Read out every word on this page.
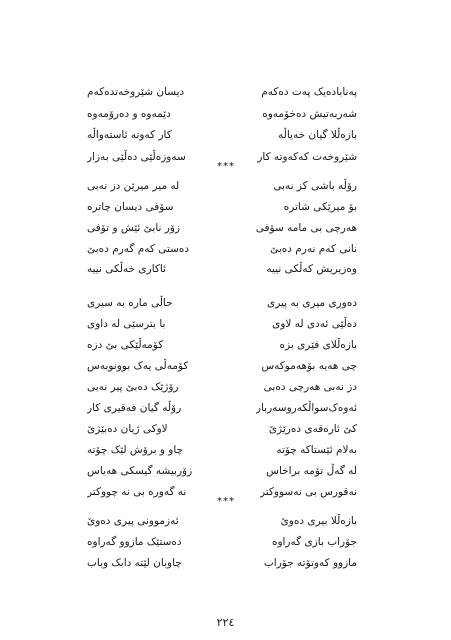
په‌ناباده‌یک په‌ت ده‌که‌م
دیسان شێروخه‌تده‌که‌م
شه‌ربه‌تیش ده‌خۆمه‌وه
دێمه‌وه‌ و ده‌رۆمه‌وه
بازه‌ڵلا گیان خه‌یاڵه
کار که‌وته ئاسته‌واڵه
شێروخه‌ت که‌که‌وته کار
سه‌وزه‌ڵێی ده‌ڵێی به‌زار
***
رۆڵه باشی کز نه‌بی
له میر میرێن دز نه‌بی
بۆ میرێکی شاتره
سۆفی دیسان چاتره
هه‌رچی بی مامه سۆفی
زۆر نابێ ئێش و تۆفی
نانی که‌م نه‌رم ده‌بێ
ده‌ستی که‌م گه‌رم ده‌بێ
وه‌زیریش که‌ڵکی نییه
ئاکاری خه‌ڵکی نییه
ده‌وری میری به پیری
حاڵی ماره به سیری
ده‌ڵێی ئه‌دی له لاوی
با بترسێی له داوی
بازه‌ڵلای فێری بزه
کۆمه‌ڵێکی بێ دزه
چی هه‌یه بۆهه‌موکه‌س
کۆمه‌ڵی یه‌ک بوونوبه‌س
دز نه‌بی هه‌رچی ده‌بی
رۆژێک ده‌بێ پیر نه‌بی
ئه‌وه‌ک‌سواڵکه‌روسه‌ربار
رۆڵه گیان فه‌قیری کار
کێ ئاره‌قه‌ی ده‌رێژێ
لاوکی ژیان ده‌بێژێ
به‌لام ئێستاکه چۆته
چاو و برۆش لێک چۆته
له گه‌ڵ تۆمه براخاس
زۆربیشه گیسکی هه‌یاس
نه‌قورس بی نه‌سووکتر
نه گه‌وره بی نه چووکتر
***
بازه‌ڵلا بیری ده‌وێ
ئه‌زموونی پیری ده‌وێ
جۆراب بازی گه‌راوه
ده‌ستێک مازوو گه‌راوه
مازوو که‌وتۆته جۆراب
چاوبان لێته دابک وباب
٢٢٤
